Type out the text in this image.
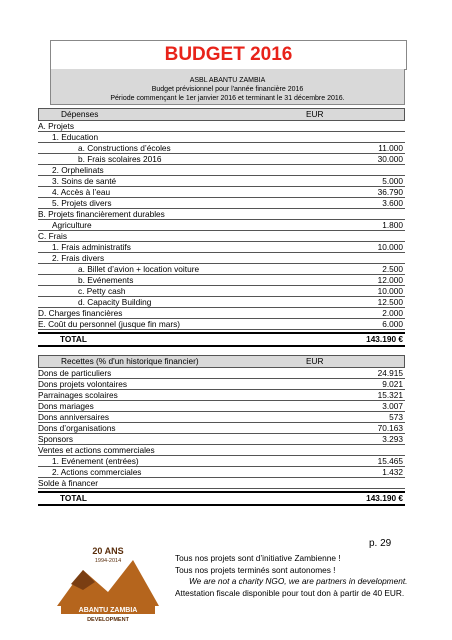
BUDGET 2016
ASBL ABANTU ZAMBIA
Budget prévisionnel pour l'année financière 2016
Période commençant le 1er janvier 2016 et terminant le 31 décembre 2016.
Dépenses	EUR
A. Projets
1. Education
a. Constructions d’écoles	11.000
b. Frais scolaires 2016	30.000
2. Orphelinats
3. Soins de santé	5.000
4. Accès à l’eau	36.790
5. Projets divers	3.600
B. Projets financièrement durables
Agriculture	1.800
C. Frais
1. Frais administratifs	10.000
2. Frais divers
a. Billet d’avion + location voiture	2.500
b. Evénements	12.000
c. Petty cash	10.000
d. Capacity Building	12.500
D. Charges financières	2.000
E. Coût du personnel (jusque fin mars)	6.000
TOTAL	143.190 €
Recettes (% d'un historique financier)	EUR
Dons de particuliers	24.915
Dons projets volontaires	9.021
Parrainages scolaires	15.321
Dons mariages	3.007
Dons anniversaires	573
Dons d’organisations	70.163
Sponsors	3.293
Ventes et actions commerciales
1. Evénement (entrées)	15.465
2. Actions commerciales	1.432
Solde à financer
TOTAL	143.190 €
p. 29
20 ANS
1994-2014
ABANTU ZAMBIA
DEVELOPMENT
Tous nos projets sont d’initiative Zambienne !
Tous nos projets terminés sont autonomes !
We are not a charity NGO, we are partners in development.
Attestation fiscale disponible pour tout don à partir de 40 EUR.
